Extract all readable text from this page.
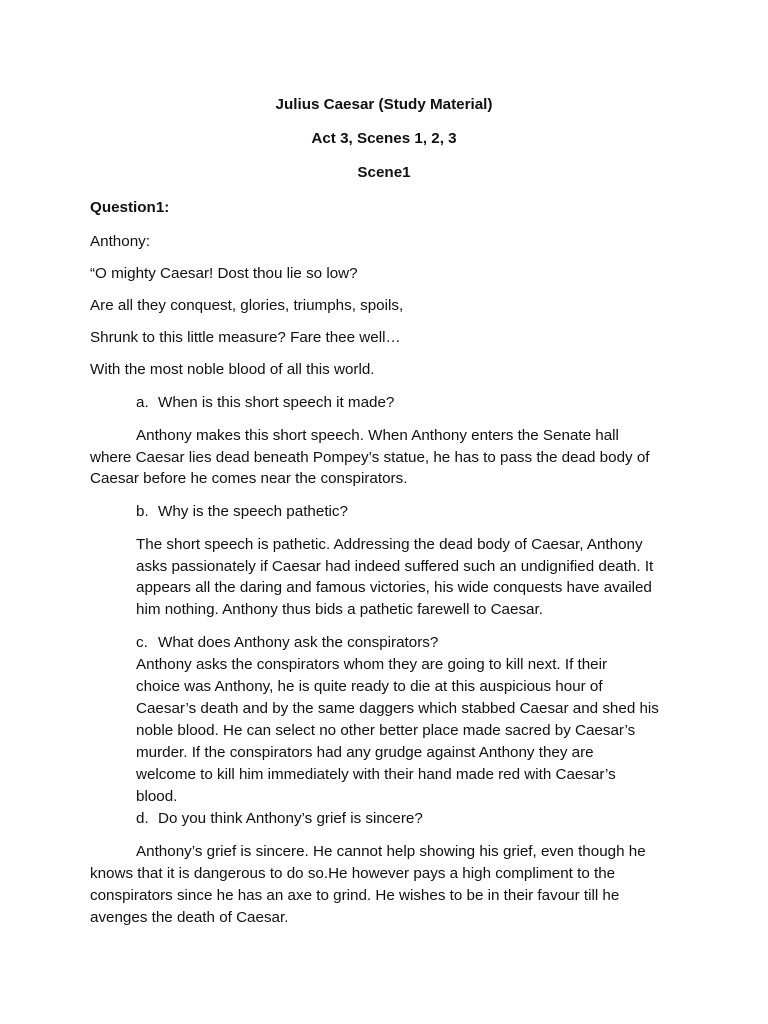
Julius Caesar (Study Material)
Act 3, Scenes 1, 2, 3
Scene1
Question1:
Anthony:
“O mighty Caesar! Dost thou lie so low?
Are all they conquest, glories, triumphs, spoils,
Shrunk to this little measure? Fare thee well…
With the most noble blood of all this world.
a. When is this short speech it made?
Anthony makes this short speech. When Anthony enters the Senate hall
where Caesar lies dead beneath Pompey’s statue, he has to pass the dead body of
Caesar before he comes near the conspirators.
b. Why is the speech pathetic?
The short speech is pathetic. Addressing the dead body of Caesar, Anthony
asks passionately if Caesar had indeed suffered such an undignified death. It
appears all the daring and famous victories, his wide conquests have availed
him nothing. Anthony thus bids a pathetic farewell to Caesar.
c. What does Anthony ask the conspirators?
Anthony asks the conspirators whom they are going to kill next. If their
choice was Anthony, he is quite ready to die at this auspicious hour of
Caesar’s death and by the same daggers which stabbed Caesar and shed his
noble blood. He can select no other better place made sacred by Caesar’s
murder. If the conspirators had any grudge against Anthony they are
welcome to kill him immediately with their hand made red with Caesar’s
blood.
d. Do you think Anthony’s grief is sincere?
Anthony’s grief is sincere. He cannot help showing his grief, even though he
knows that it is dangerous to do so.He however pays a high compliment to the
conspirators since he has an axe to grind. He wishes to be in their favour till he
avenges the death of Caesar.
